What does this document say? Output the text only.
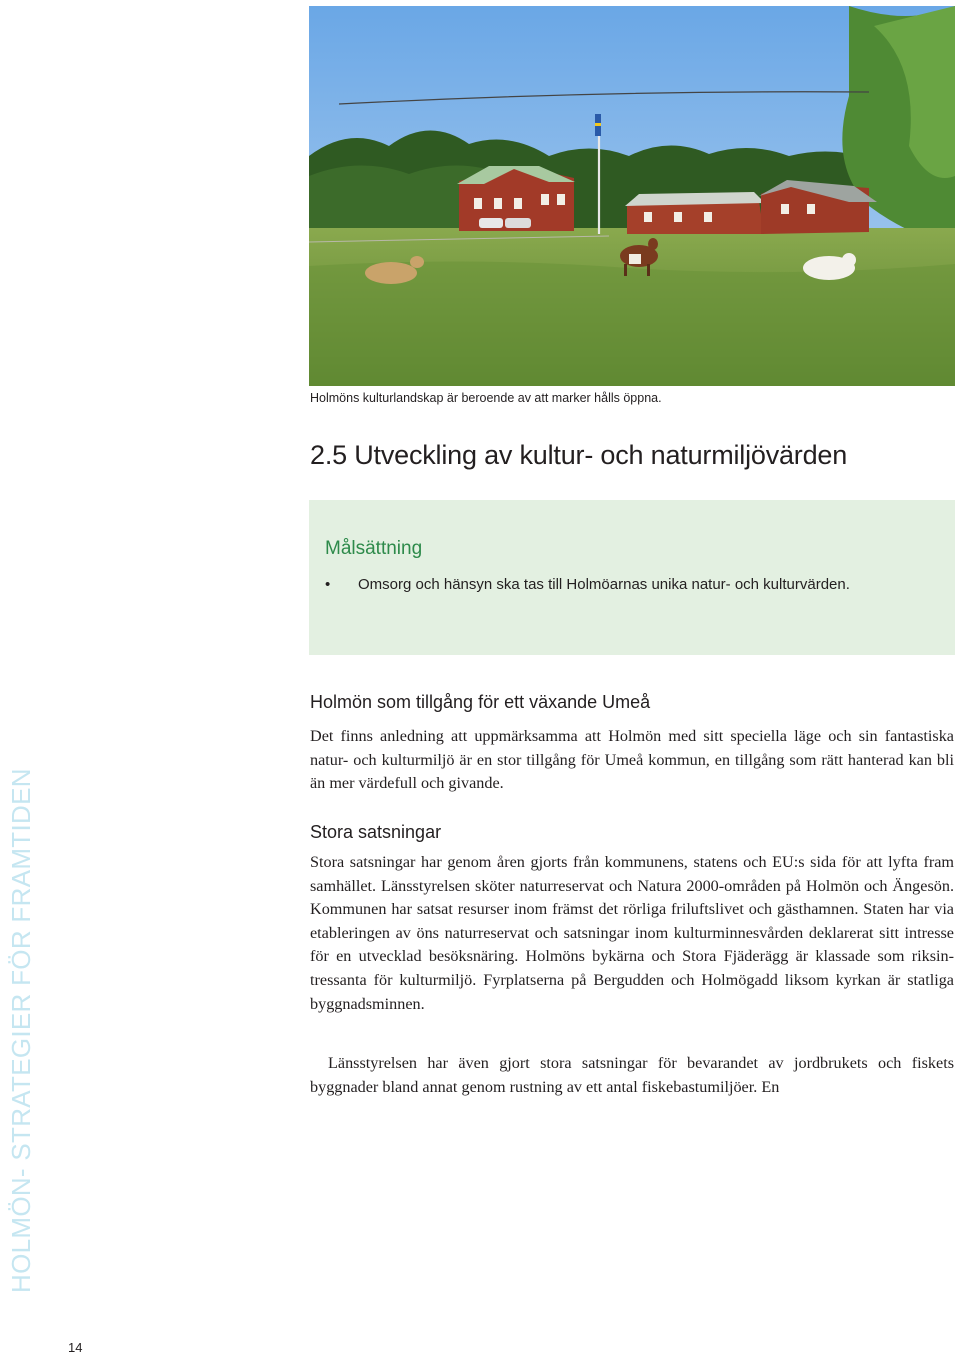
Holmöns kulturlandskap är beroende av att marker hålls öppna.
2.5 Utveckling av kultur- och naturmiljövärden
Målsättning
• Omsorg och hänsyn ska tas till Holmöarnas unika natur- och kulturvärden.
Holmön som tillgång för ett växande Umeå

Det finns anledning att uppmärksamma att Holmön med sitt speciella läge och sin fantastiska natur- och kulturmiljö är en stor tillgång för Umeå kommun, en tillgång som rätt hanterad kan bli än mer värdefull och givande.

Stora satsningar

Stora satsningar har genom åren gjorts från kommunens, statens och EU:s sida för att lyfta fram samhället. Länsstyrelsen sköter naturreservat och Natura 2000-områden på Holmön och Ängesön. Kommunen har satsat resurser inom främst det rörliga friluftslivet och gästhamnen. Staten har via etableringen av öns naturreservat och satsningar inom kulturminnesvården deklarerat sitt intresse för en utvecklad besöksnäring. Holmöns bykärna och Stora Fjäderägg är klassade som riksintressanta för kulturmiljö. Fyrplatserna på Bergudden och Holmögadd liksom kyrkan är statliga byggnadsminnen.

Länsstyrelsen har även gjort stora satsningar för bevarandet av jordbrukets och fiskets byggnader bland annat genom rustning av ett antal fiskebastumiljöer. En

HOLMÖN- STRATEGIER FÖR FRAMTIDEN
14
